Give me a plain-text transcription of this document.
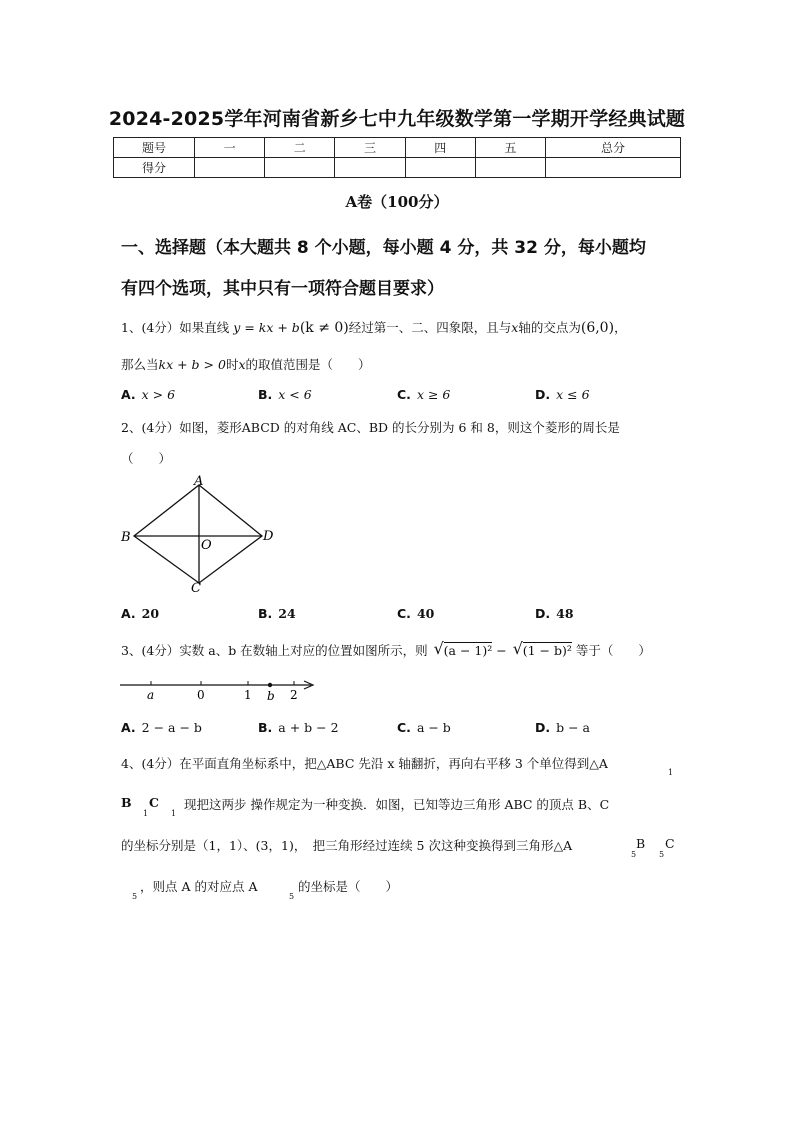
2024-2025学年河南省新乡七中九年级数学第一学期开学经典试题
题号	一	二	三	四	五	总分
得分						
A卷（100分）
一、选择题（本大题共 8 个小题，每小题 4 分，共 32 分，每小题均
有四个选项，其中只有一项符合题目要求）
1、(4分）如果直线 y = kx + b(k ≠ 0)经过第一、二、四象限，且与x轴的交点为(6,0)，
那么当kx + b > 0时x的取值范围是（　　）
A. x > 6	B. x < 6	C. x ≥ 6	D. x ≤ 6
2、(4分）如图，菱形ABCD 的对角线 AC、BD 的长分别为 6 和 8，则这个菱形的周长是
（　　）
A
B
C
D
O
A. 20	B. 24	C. 40	D. 48
3、(4分）实数 a、b 在数轴上对应的位置如图所示，则 √ (a − 1)² − √ (1 − b)² 等于（　　）
a	0	1 b 2
A. 2 − a − b	B. a + b − 2	C. a − b	D. b − a
4、(4分）在平面直角坐标系中，把△ABC 先沿 x 轴翻折，再向右平移 3 个单位得到△A
1
B
1
C
1
现把这两步 操作规定为一种变换．如图，已知等边三角形 ABC 的顶点 B、C
的坐标分别是（1，1）、(3，1)，　把三角形经过连续 5 次这种变换得到三角形△A
5
B
5
C
5
，则点 A 的对应点 A
5
的坐标是（　　）
